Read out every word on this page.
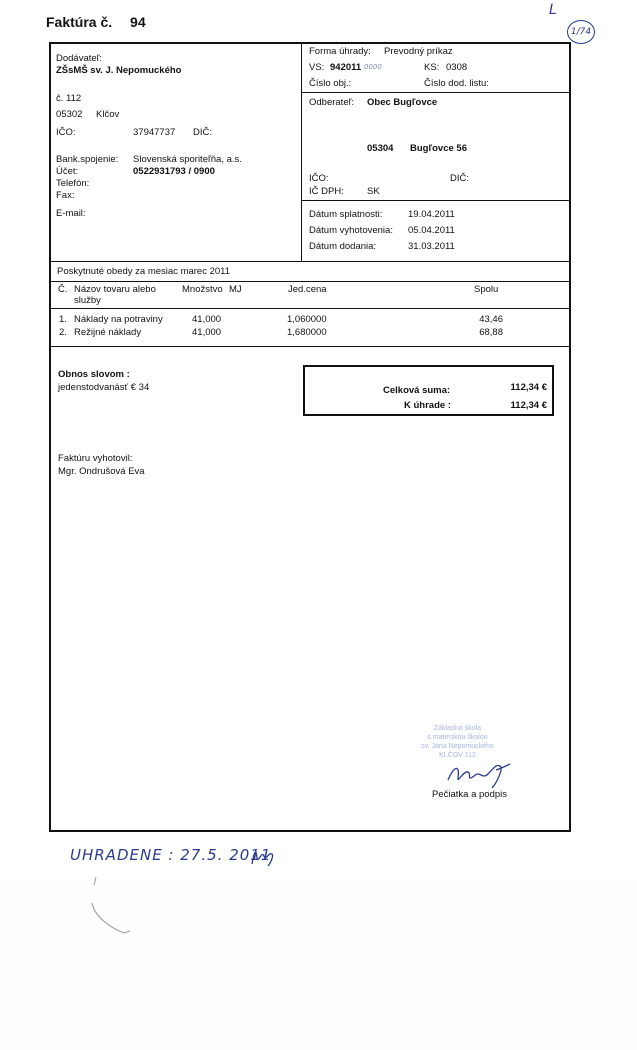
Faktúra č. 94
L
1/74
Dodávateľ:
ZŠsMŠ sv. J. Nepomuckého
č. 112
05302 Klčov
IČO:	37947737 DIČ:
Bank.spojenie: Slovenská sporiteľňa, a.s.
Účet:	0522931793 / 0900
Telefón:
Fax:
E-mail:
Forma úhrady: Prevodný príkaz
VS: 942011 0000	KS: 0308
Číslo obj.:	Číslo dod. listu:
Odberateľ: Obec Bugľovce
05304 Bugľovce 56
IČO:	DIČ:
IČ DPH: SK
Dátum splatnosti:	19.04.2011
Dátum vyhotovenia: 05.04.2011
Dátum dodania:	31.03.2011
Poskytnuté obedy za mesiac marec 2011
Č. Názov tovaru alebo
služby
Množstvo MJ	Jed.cena	Spolu
1. Náklady na potraviny	41,000	1,060000	43,46
2. Režijné náklady	41,000	1,680000	68,88
Obnos slovom :
jedenstodvanásť € 34	Celková suma:	112,34 €
K úhrade :	112,34 €
Faktúru vyhotovil:
Mgr. Ondrušová Eva
Základná škola
s materskou školou
sv. Jána Nepomuckého
KLČOV 112
Pečiatka a podpis
UHRADENE : 27.5. 2011
